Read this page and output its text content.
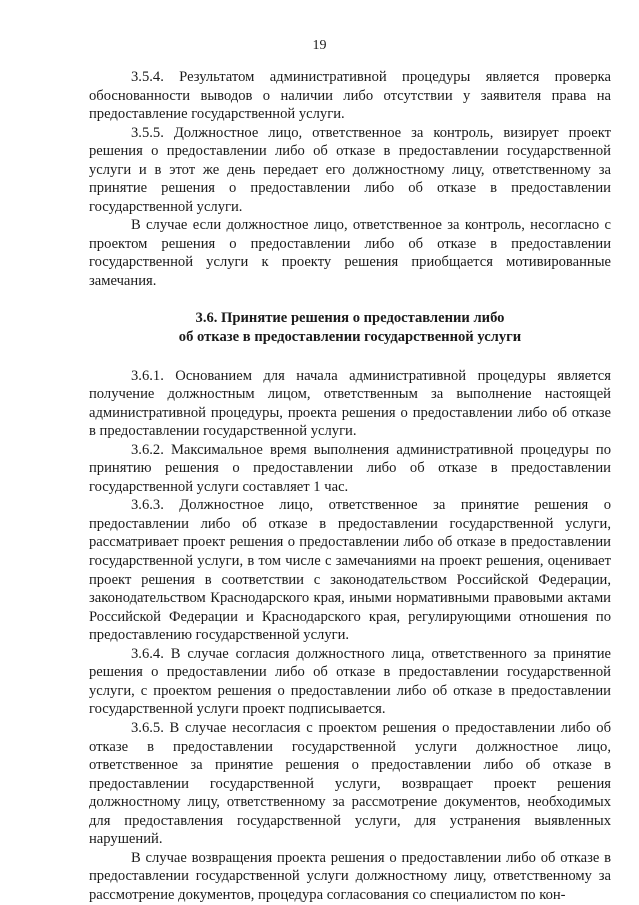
19

3.5.4. Результатом административной процедуры является проверка обоснованности выводов о наличии либо отсутствии у заявителя права на предоставление государственной услуги.

3.5.5. Должностное лицо, ответственное за контроль, визирует проект решения о предоставлении либо об отказе в предоставлении государственной услуги и в этот же день передает его должностному лицу, ответственному за принятие решения о предоставлении либо об отказе в предоставлении государственной услуги.

В случае если должностное лицо, ответственное за контроль, несогласно с проектом решения о предоставлении либо об отказе в предоставлении государственной услуги к проекту решения приобщается мотивированные замечания.

3.6. Принятие решения о предоставлении либо
об отказе в предоставлении государственной услуги

3.6.1. Основанием для начала административной процедуры является получение должностным лицом, ответственным за выполнение настоящей административной процедуры, проекта решения о предоставлении либо об отказе в предоставлении государственной услуги.

3.6.2. Максимальное время выполнения административной процедуры по принятию решения о предоставлении либо об отказе в предоставлении государственной услуги составляет 1 час.

3.6.3. Должностное лицо, ответственное за принятие решения о предоставлении либо об отказе в предоставлении государственной услуги, рассматривает проект решения о предоставлении либо об отказе в предоставлении государственной услуги, в том числе с замечаниями на проект решения, оценивает проект решения в соответствии с законодательством Российской Федерации, законодательством Краснодарского края, иными нормативными правовыми актами Российской Федерации и Краснодарского края, регулирующими отношения по предоставлению государственной услуги.

3.6.4. В случае согласия должностного лица, ответственного за принятие решения о предоставлении либо об отказе в предоставлении государственной услуги, с проектом решения о предоставлении либо об отказе в предоставлении государственной услуги проект подписывается.

3.6.5. В случае несогласия с проектом решения о предоставлении либо об отказе в предоставлении государственной услуги должностное лицо, ответственное за принятие решения о предоставлении либо об отказе в предоставлении государственной услуги, возвращает проект решения должностному лицу, ответственному за рассмотрение документов, необходимых для предоставления государственной услуги, для устранения выявленных нарушений.

В случае возвращения проекта решения о предоставлении либо об отказе в предоставлении государственной услуги должностному лицу, ответственному за рассмотрение документов, процедура согласования со специалистом по кон-
